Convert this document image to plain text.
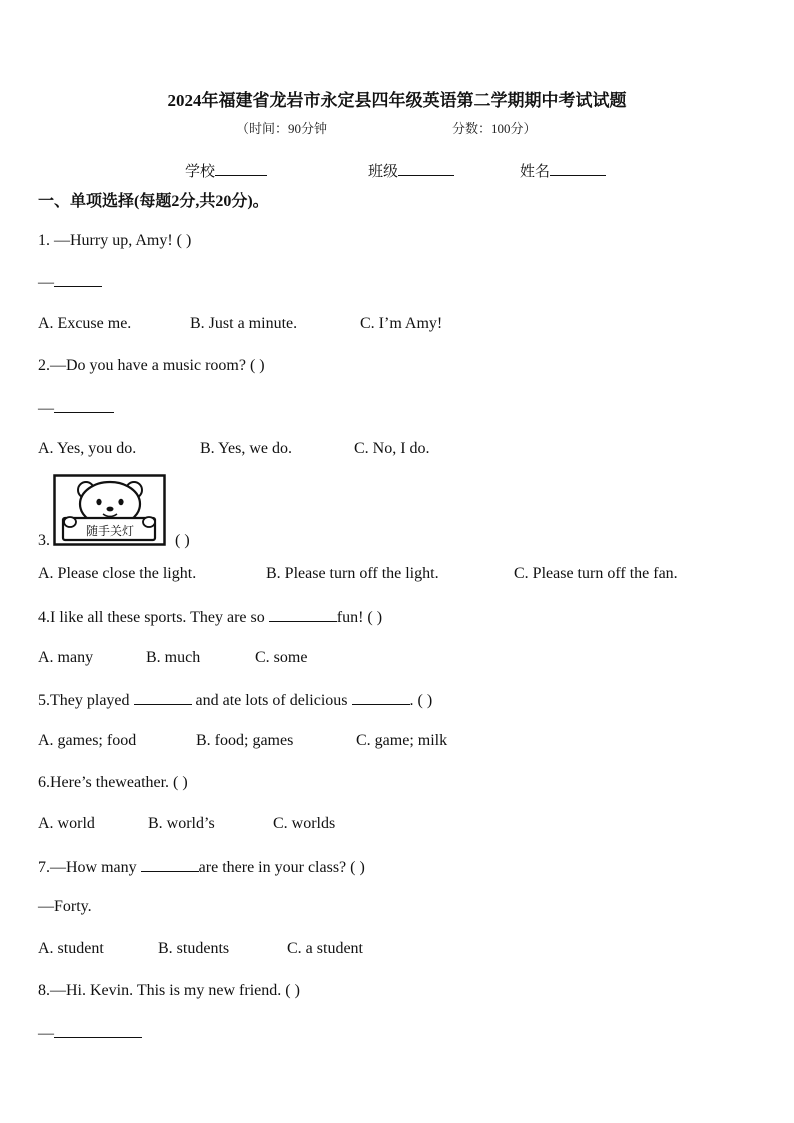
2024年福建省龙岩市永定县四年级英语第二学期期中考试试题
（时间：90分钟	分数：100分）
学校	班级	姓名
一、单项选择(每题2分,共20分)。
1. —Hurry up, Amy! ( )
—
A. Excuse me.	B. Just a minute.	C. I’m Amy!
2.—Do you have a music room? ( )
—
A. Yes, you do.	B. Yes, we do.	C. No, I do.
随手关灯
3.	( )
A. Please close the light.	B. Please turn off the light.	C. Please turn off the fan.
4.I like all these sports. They are so	fun! ( )
A. many	B. much	C. some
5.They played	and ate lots of delicious	. ( )
A. games; food	B. food; games	C. game; milk
6.Here’s theweather. ( )
A. world	B. world’s	C. worlds
7.—How many	are there in your class? ( )
—Forty.
A. student	B. students	C. a student
8.—Hi. Kevin. This is my new friend. ( )
—
